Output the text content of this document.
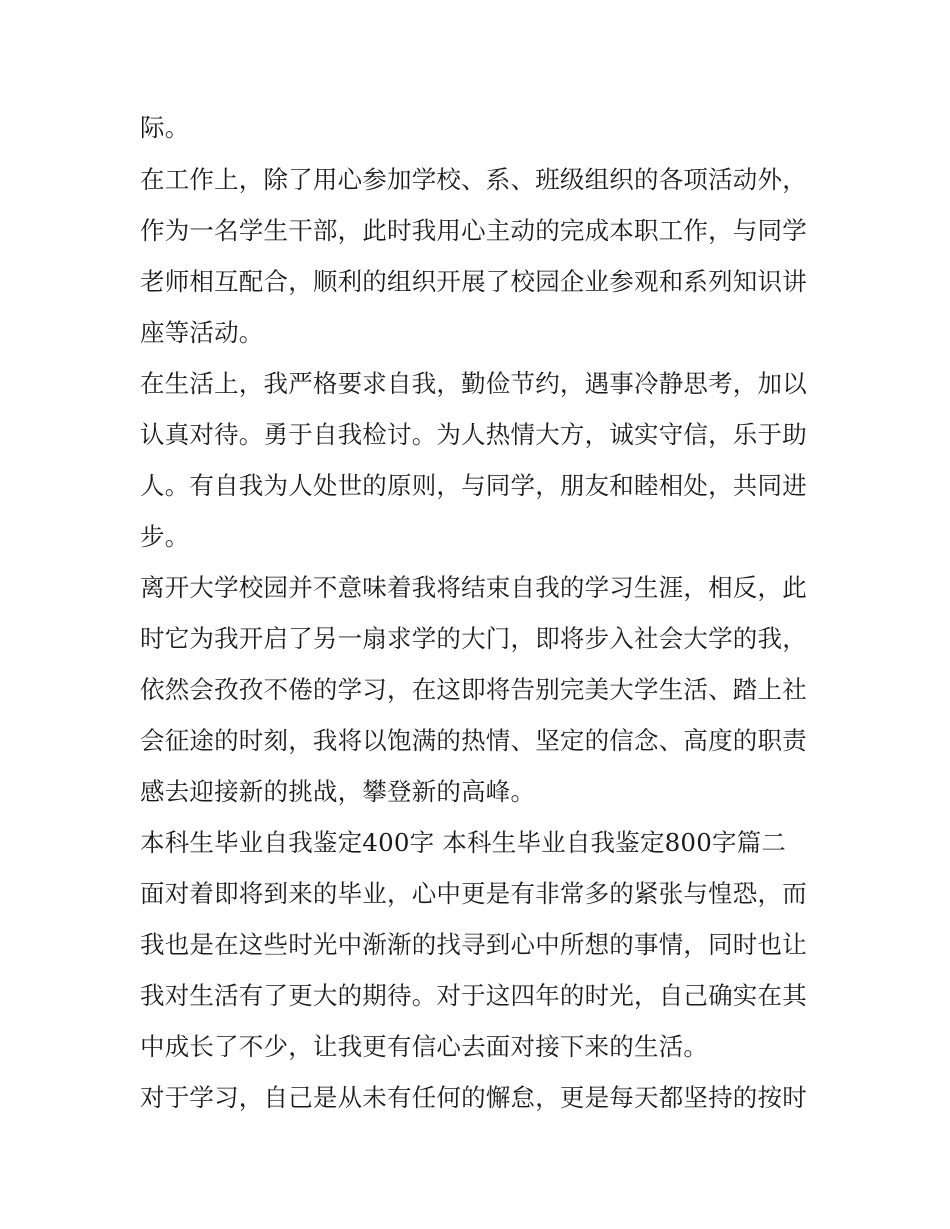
际。
在工作上，除了用心参加学校、系、班级组织的各项活动外，
作为一名学生干部，此时我用心主动的完成本职工作，与同学
老师相互配合，顺利的组织开展了校园企业参观和系列知识讲
座等活动。
在生活上，我严格要求自我，勤俭节约，遇事冷静思考，加以
认真对待。勇于自我检讨。为人热情大方，诚实守信，乐于助
人。有自我为人处世的原则，与同学，朋友和睦相处，共同进
步。
离开大学校园并不意味着我将结束自我的学习生涯，相反，此
时它为我开启了另一扇求学的大门，即将步入社会大学的我，
依然会孜孜不倦的学习，在这即将告别完美大学生活、踏上社
会征途的时刻，我将以饱满的热情、坚定的信念、高度的职责
感去迎接新的挑战，攀登新的高峰。
本科生毕业自我鉴定400字 本科生毕业自我鉴定800字篇二
面对着即将到来的毕业，心中更是有非常多的紧张与惶恐，而
我也是在这些时光中渐渐的找寻到心中所想的事情，同时也让
我对生活有了更大的期待。对于这四年的时光，自己确实在其
中成长了不少，让我更有信心去面对接下来的生活。
对于学习，自己是从未有任何的懈怠，更是每天都坚持的按时
